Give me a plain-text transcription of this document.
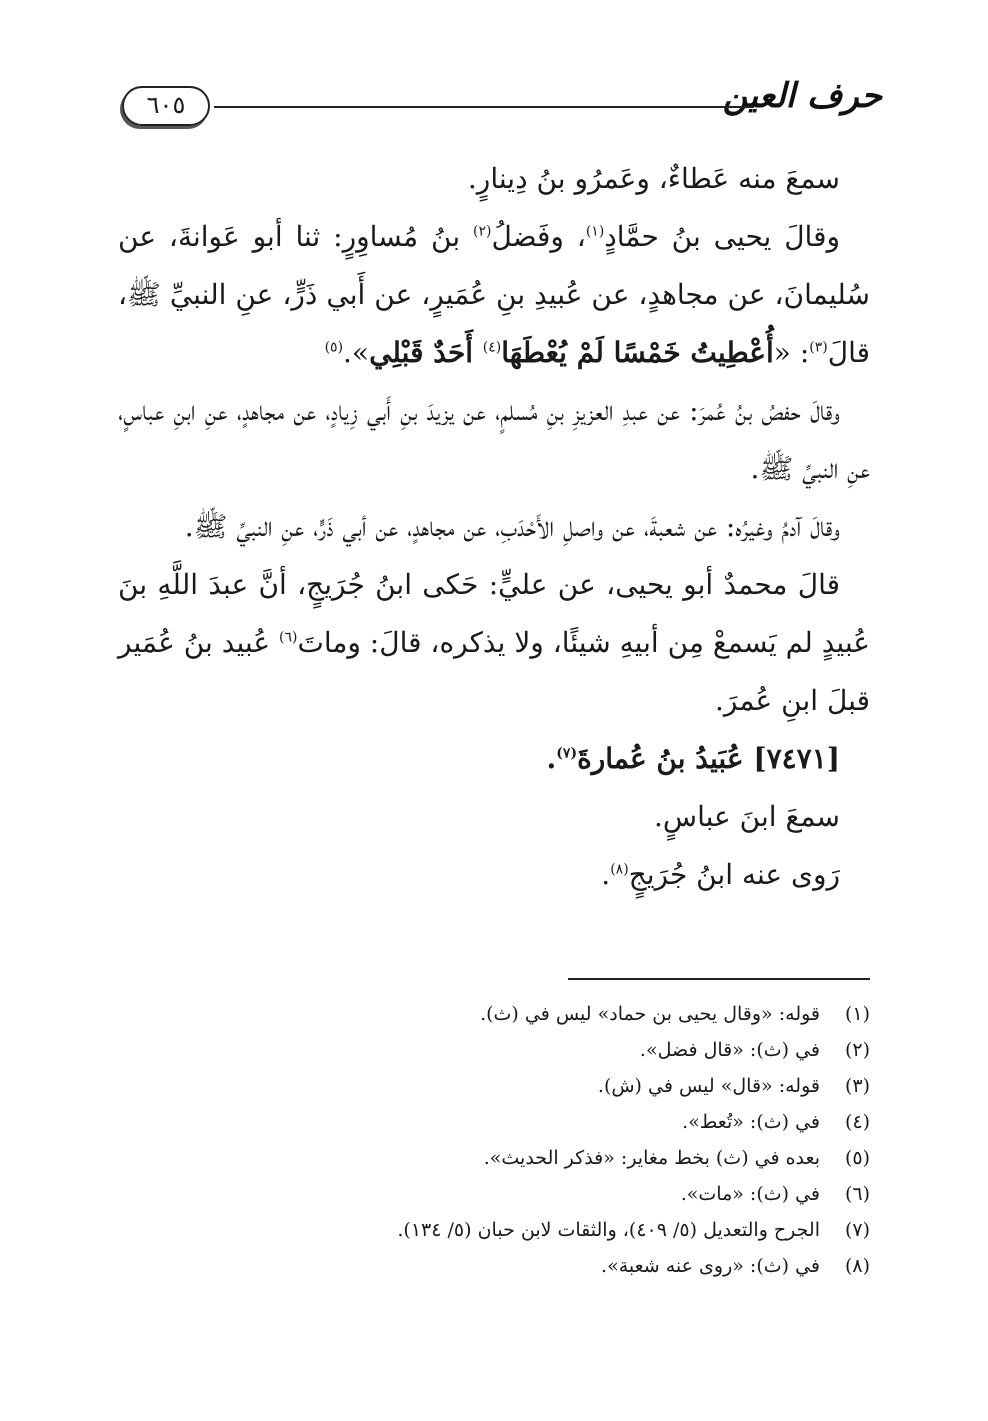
حرف العين
٦٠٥

سمعَ منه عَطاءٌ، وعَمرُو بنُ دِينارٍ.

وقالَ يحيى بنُ حمَّادٍ$^{(١)}$، وفَضلُ$^{(٢)}$ بنُ مُساوِرٍ: ثنا أبو عَوانةَ، عن سُليمانَ، عن مجاهدٍ، عن عُبيدِ بنِ عُمَيرٍ، عن أَبي ذَرٍّ، عنِ النبيِّ ﷺ، قالَ$^{(٣)}$: «أُعْطِيتُ خَمْسًا لَمْ يُعْطَهَا$^{(٤)}$ أَحَدٌ قَبْلِي».$^{(٥)}$

وقالَ حفصُ بنُ عُمرَ: عن عبدِ العزيزِ بنِ مُسلمٍ، عن يزيدَ بنِ أَبي زِيادٍ، عن مجاهدٍ، عنِ ابنِ عباسٍ، عنِ النبيِّ ﷺ.

وقالَ آدمُ وغيرُه: عن شعبةَ، عن واصلِ الأَحْدَبِ، عن مجاهدٍ، عن أبي ذَرٍّ، عنِ النبيِّ ﷺ.

قالَ محمدٌ أبو يحيى، عن عليٍّ: حَكى ابنُ جُرَيجٍ، أنَّ عبدَ اللَّهِ بنَ عُبيدٍ لم يَسمعْ مِن أبيهِ شيئًا، ولا يذكره، قالَ: وماتَ$^{(٦)}$ عُبيد بنُ عُمَير قبلَ ابنِ عُمرَ.

[٧٤٧١] عُبَيدُ بنُ عُمارةَ$^{(٧)}$.

سمعَ ابنَ عباسٍ.

رَوى عنه ابنُ جُرَيجٍ$^{(٨)}$.

(١)
قوله: «وقال يحيى بن حماد» ليس في (ث).
(٢)
في (ث): «قال فضل».
(٣)
قوله: «قال» ليس في (ش).
(٤)
في (ث): «تُعط».
(٥)
بعده في (ث) بخط مغاير: «فذكر الحديث».
(٦)
في (ث): «مات».
(٧)
الجرح والتعديل (٥/ ٤٠٩)، والثقات لابن حبان (٥/ ١٣٤).
(٨)
في (ث): «روى عنه شعبة».
